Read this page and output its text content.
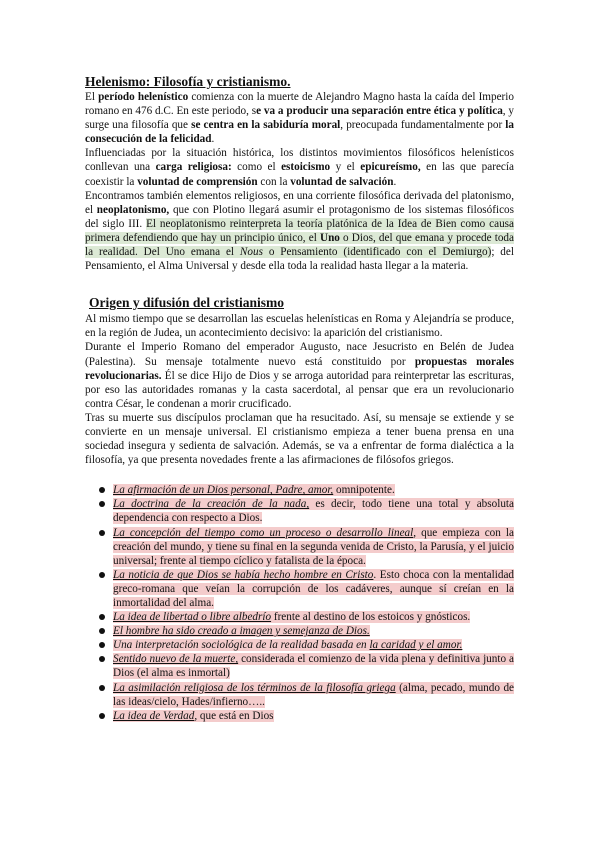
Helenismo: Filosofía y cristianismo.

El período helenístico comienza con la muerte de Alejandro Magno hasta la caída del Imperio romano en 476 d.C. En este periodo, se va a producir una separación entre ética y política, y surge una filosofía que se centra en la sabiduría moral, preocupada fundamentalmente por la consecución de la felicidad.

Influenciadas por la situación histórica, los distintos movimientos filosóficos helenísticos conllevan una carga religiosa: como el estoicismo y el epicureísmo, en las que parecía coexistir la voluntad de comprensión con la voluntad de salvación.

Encontramos también elementos religiosos, en una corriente filosófica derivada del platonismo, el neoplatonismo, que con Plotino llegará asumir el protagonismo de los sistemas filosóficos del siglo III. El neoplatonismo reinterpreta la teoría platónica de la Idea de Bien como causa primera defendiendo que hay un principio único, el Uno o Dios, del que emana y procede toda la realidad. Del Uno emana el Nous o Pensamiento (identificado con el Demiurgo); del Pensamiento, el Alma Universal y desde ella toda la realidad hasta llegar a la materia.

Origen y difusión del cristianismo

Al mismo tiempo que se desarrollan las escuelas helenísticas en Roma y Alejandría se produce, en la región de Judea, un acontecimiento decisivo: la aparición del cristianismo.

Durante el Imperio Romano del emperador Augusto, nace Jesucristo en Belén de Judea (Palestina). Su mensaje totalmente nuevo está constituido por propuestas morales revolucionarias. Él se dice Hijo de Dios y se arroga autoridad para reinterpretar las escrituras, por eso las autoridades romanas y la casta sacerdotal, al pensar que era un revolucionario contra César, le condenan a morir crucificado.

Tras su muerte sus discípulos proclaman que ha resucitado. Así, su mensaje se extiende y se convierte en un mensaje universal. El cristianismo empieza a tener buena prensa en una sociedad insegura y sedienta de salvación. Además, se va a enfrentar de forma dialéctica a la filosofía, ya que presenta novedades frente a las afirmaciones de filósofos griegos.

La afirmación de un Dios personal, Padre, amor, omnipotente.
La doctrina de la creación de la nada, es decir, todo tiene una total y absoluta dependencia con respecto a Dios.
La concepción del tiempo como un proceso o desarrollo lineal, que empieza con la creación del mundo, y tiene su final en la segunda venida de Cristo, la Parusía, y el juicio universal; frente al tiempo cíclico y fatalista de la época.
La noticia de que Dios se había hecho hombre en Cristo. Esto choca con la mentalidad greco-romana que veían la corrupción de los cadáveres, aunque sí creían en la inmortalidad del alma.
La idea de libertad o libre albedrío frente al destino de los estoicos y gnósticos.
El hombre ha sido creado a imagen y semejanza de Dios.
Una interpretación sociológica de la realidad basada en la caridad y el amor.
Sentido nuevo de la muerte, considerada el comienzo de la vida plena y definitiva junto a Dios (el alma es inmortal)
La asimilación religiosa de los términos de la filosofía griega (alma, pecado, mundo de las ideas/cielo, Hades/infierno…..
La idea de Verdad, que está en Dios
